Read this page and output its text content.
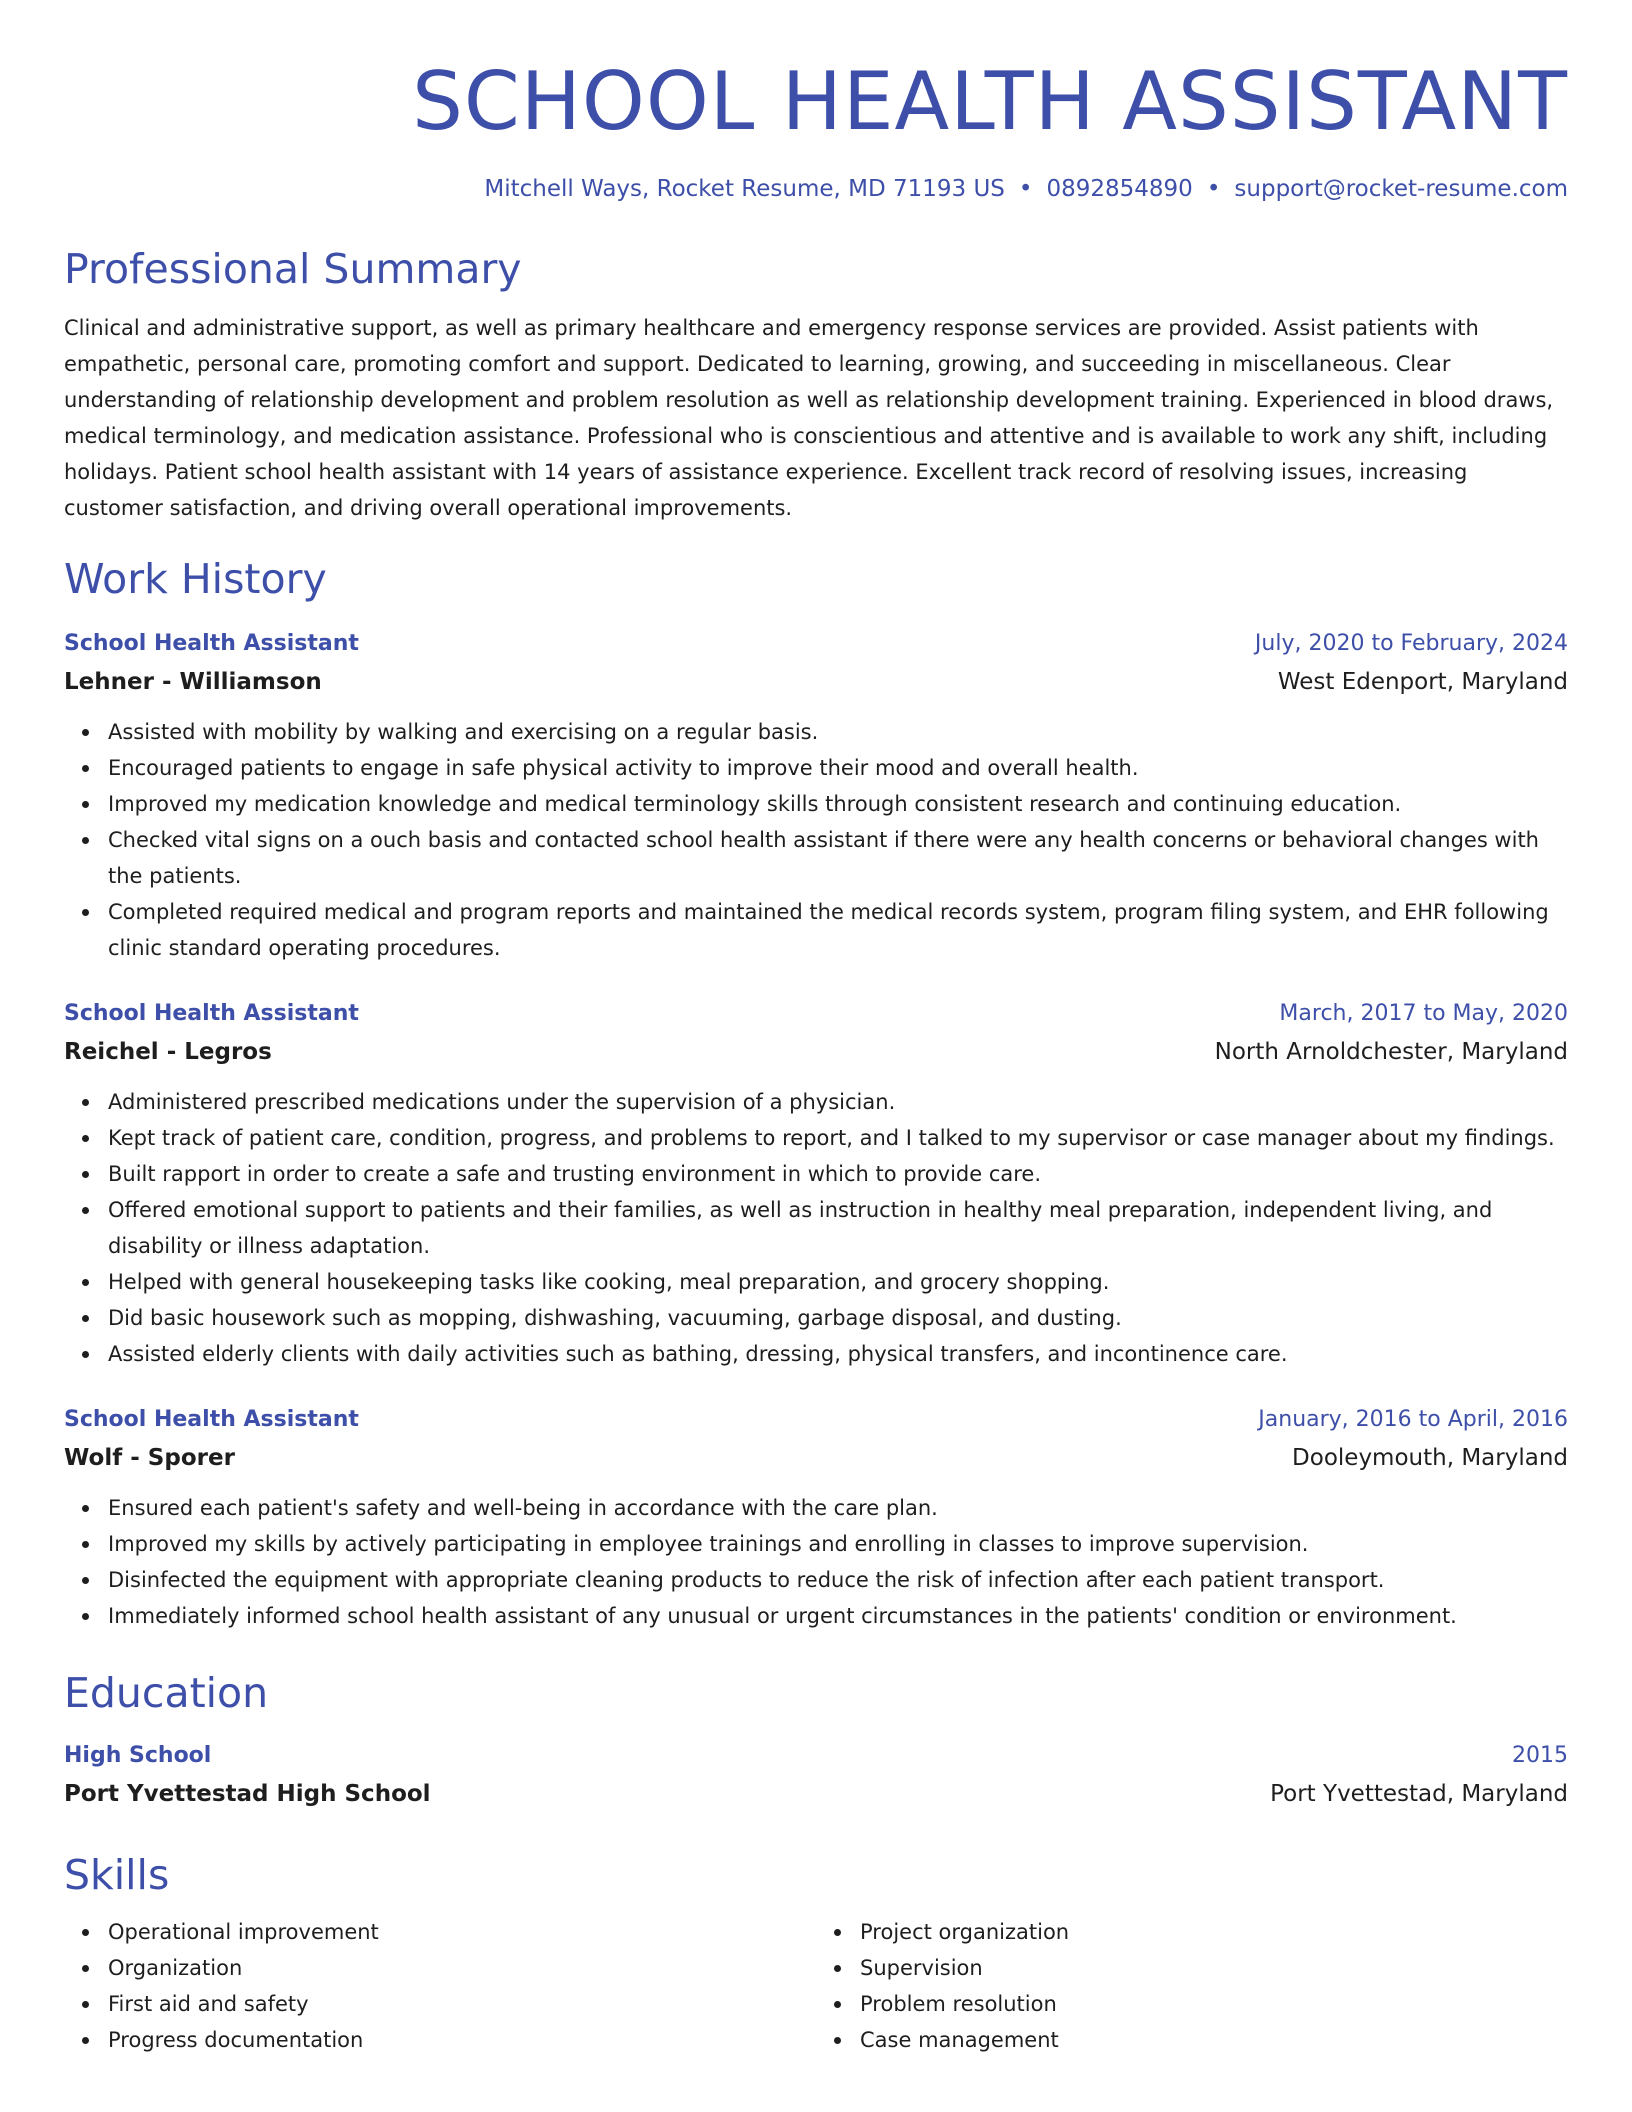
SCHOOL HEALTH ASSISTANT
Mitchell Ways, Rocket Resume, MD 71193 US • 0892854890 • support@rocket-resume.com
Professional Summary
Clinical and administrative support, as well as primary healthcare and emergency response services are provided. Assist patients with empathetic, personal care, promoting comfort and support. Dedicated to learning, growing, and succeeding in miscellaneous. Clear understanding of relationship development and problem resolution as well as relationship development training. Experienced in blood draws, medical terminology, and medication assistance. Professional who is conscientious and attentive and is available to work any shift, including holidays. Patient school health assistant with 14 years of assistance experience. Excellent track record of resolving issues, increasing customer satisfaction, and driving overall operational improvements.
Work History
School Health Assistant	July, 2020 to February, 2024
Lehner - Williamson	West Edenport, Maryland
Assisted with mobility by walking and exercising on a regular basis.
Encouraged patients to engage in safe physical activity to improve their mood and overall health.
Improved my medication knowledge and medical terminology skills through consistent research and continuing education.
Checked vital signs on a ouch basis and contacted school health assistant if there were any health concerns or behavioral changes with the patients.
Completed required medical and program reports and maintained the medical records system, program filing system, and EHR following clinic standard operating procedures.
School Health Assistant	March, 2017 to May, 2020
Reichel - Legros	North Arnoldchester, Maryland
Administered prescribed medications under the supervision of a physician.
Kept track of patient care, condition, progress, and problems to report, and I talked to my supervisor or case manager about my findings.
Built rapport in order to create a safe and trusting environment in which to provide care.
Offered emotional support to patients and their families, as well as instruction in healthy meal preparation, independent living, and disability or illness adaptation.
Helped with general housekeeping tasks like cooking, meal preparation, and grocery shopping.
Did basic housework such as mopping, dishwashing, vacuuming, garbage disposal, and dusting.
Assisted elderly clients with daily activities such as bathing, dressing, physical transfers, and incontinence care.
School Health Assistant	January, 2016 to April, 2016
Wolf - Sporer	Dooleymouth, Maryland
Ensured each patient's safety and well-being in accordance with the care plan.
Improved my skills by actively participating in employee trainings and enrolling in classes to improve supervision.
Disinfected the equipment with appropriate cleaning products to reduce the risk of infection after each patient transport.
Immediately informed school health assistant of any unusual or urgent circumstances in the patients' condition or environment.
Education
High School	2015
Port Yvettestad High School	Port Yvettestad, Maryland
Skills
Operational improvement
Organization
First aid and safety
Progress documentation
Project organization
Supervision
Problem resolution
Case management
